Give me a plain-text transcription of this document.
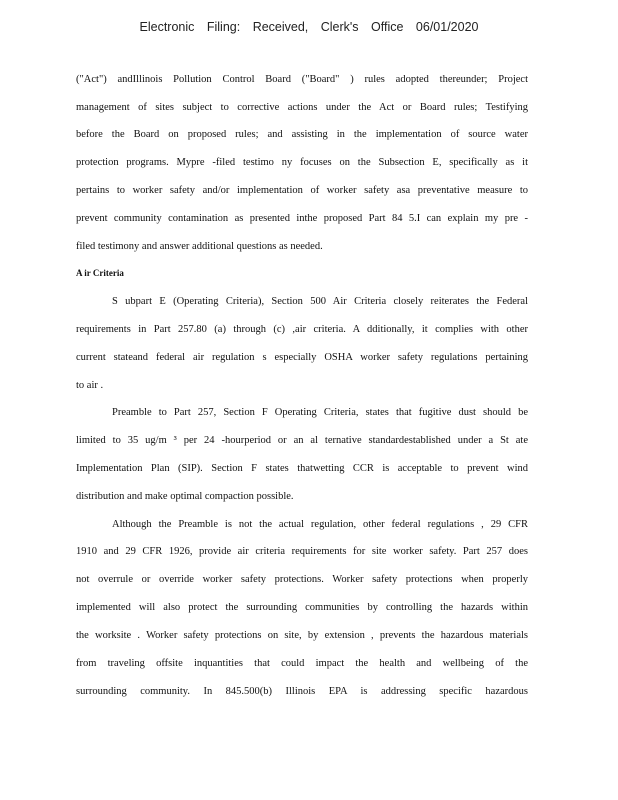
Electronic Filing: Received, Clerk's Office 06/01/2020
("Act") andIllinois Pollution Control Board ("Board" ) rules adopted thereunder; Project
management of sites subject to corrective actions under the Act or Board rules; Testifying
before the Board on proposed rules; and assisting in the implementation of source water
protection programs. Mypre -filed testimo ny focuses on the Subsection E, specifically as it
pertains to worker safety and/or implementation of worker safety asa preventative measure to
prevent community contamination as presented inthe proposed Part 84 5.I can explain my pre -
filed testimony and answer additional questions as needed.
A ir Criteria
S ubpart E (Operating Criteria), Section 500 Air Criteria closely reiterates the Federal
requirements in Part 257.80 (a) through (c) ,air criteria. A dditionally, it complies with other
current stateand federal air regulation s especially OSHA worker safety regulations pertaining
to air .
Preamble to Part 257, Section F Operating Criteria, states that fugitive dust should be
limited to 35 ug/m ³ per 24 -hourperiod or an al ternative standardestablished under a St ate
Implementation Plan (SIP). Section F states thatwetting CCR is acceptable to prevent wind
distribution and make optimal compaction possible.
Although the Preamble is not the actual regulation, other federal regulations , 29 CFR
1910 and 29 CFR 1926, provide air criteria requirements for site worker safety. Part 257 does
not overrule or override worker safety protections. Worker safety protections when properly
implemented will also protect the surrounding communities by controlling the hazards within
the worksite . Worker safety protections on site, by extension , prevents the hazardous materials
from traveling offsite inquantities that could impact the health and wellbeing of the
surrounding community. In 845.500(b) Illinois EPA is addressing specific hazardous
